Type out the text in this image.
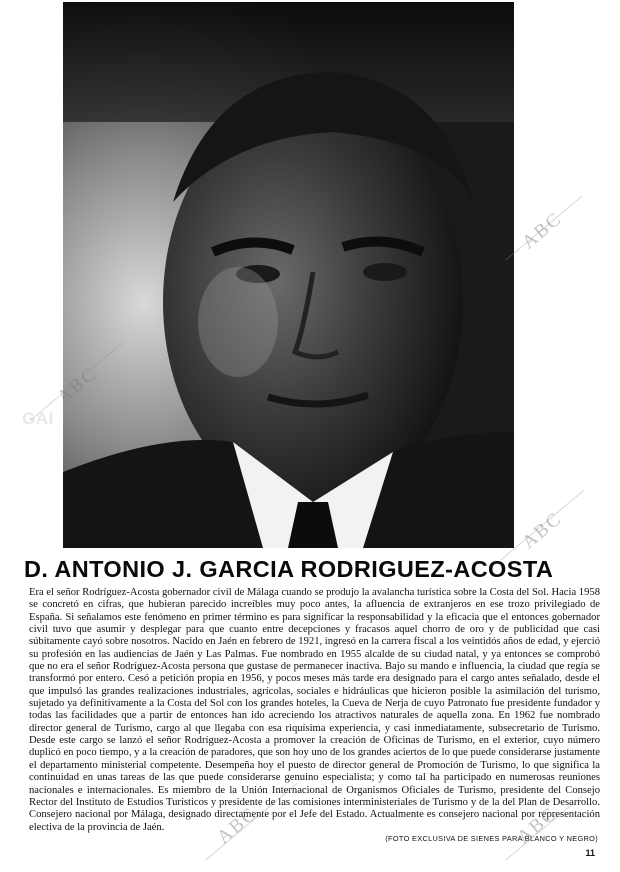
GAI
D. ANTONIO J. GARCIA RODRIGUEZ-ACOSTA

Era el señor Rodríguez-Acosta gobernador civil de Málaga cuando se produjo la avalancha turística sobre la Costa del Sol. Hacia 1958 se concretó en cifras, que hubieran parecido increíbles muy poco antes, la afluencia de extranjeros en ese trozo privilegiado de España. Si señalamos este fenómeno en primer término es para significar la responsabilidad y la eficacia que el entonces gobernador civil tuvo que asumir y desplegar para que cuanto entre decepciones y fracasos aquel chorro de oro y de publicidad que casi súbitamente cayó sobre nosotros. Nacido en Jaén en febrero de 1921, ingresó en la carrera fiscal a los veintidós años de edad, y ejerció su profesión en las audiencias de Jaén y Las Palmas. Fue nombrado en 1955 alcalde de su ciudad natal, y ya entonces se comprobó que no era el señor Rodríguez-Acosta persona que gustase de permanecer inactiva. Bajo su mando e influencia, la ciudad que regía se transformó por entero. Cesó a petición propia en 1956, y pocos meses más tarde era designado para el cargo antes señalado, desde el que impulsó las grandes realizaciones industriales, agrícolas, sociales e hidráulicas que hicieron posible la asimilación del turismo, sujetado ya definitivamente a la Costa del Sol con los grandes hoteles, la Cueva de Nerja de cuyo Patronato fue presidente fundador y todas las facilidades que a partir de entonces han ido acreciendo los atractivos naturales de aquella zona. En 1962 fue nombrado director general de Turismo, cargo al que llegaba con esa riquísima experiencia, y casi inmediatamente, subsecretario de Turismo. Desde este cargo se lanzó el señor Rodríguez-Acosta a promover la creación de Oficinas de Turismo, en el exterior, cuyo número duplicó en poco tiempo, y a la creación de paradores, que son hoy uno de los grandes aciertos de lo que puede considerarse justamente el departamento ministerial competente. Desempeña hoy el puesto de director general de Promoción de Turismo, lo que significa la continuidad en unas tareas de las que puede considerarse genuino especialista; y como tal ha participado en numerosas reuniones nacionales e internacionales. Es miembro de la Unión Internacional de Organismos Oficiales de Turismo, presidente del Consejo Rector del Instituto de Estudios Turísticos y presidente de las comisiones interministeriales de Turismo y de la del Plan de Desarrollo. Consejero nacional por Málaga, designado directamente por el Jefe del Estado. Actualmente es consejero nacional por representación electiva de la provincia de Jaén.

(FOTO EXCLUSIVA DE SIENES PARA BLANCO Y NEGRO)
11
ABC
ABC
ABC
ABC	ABC
